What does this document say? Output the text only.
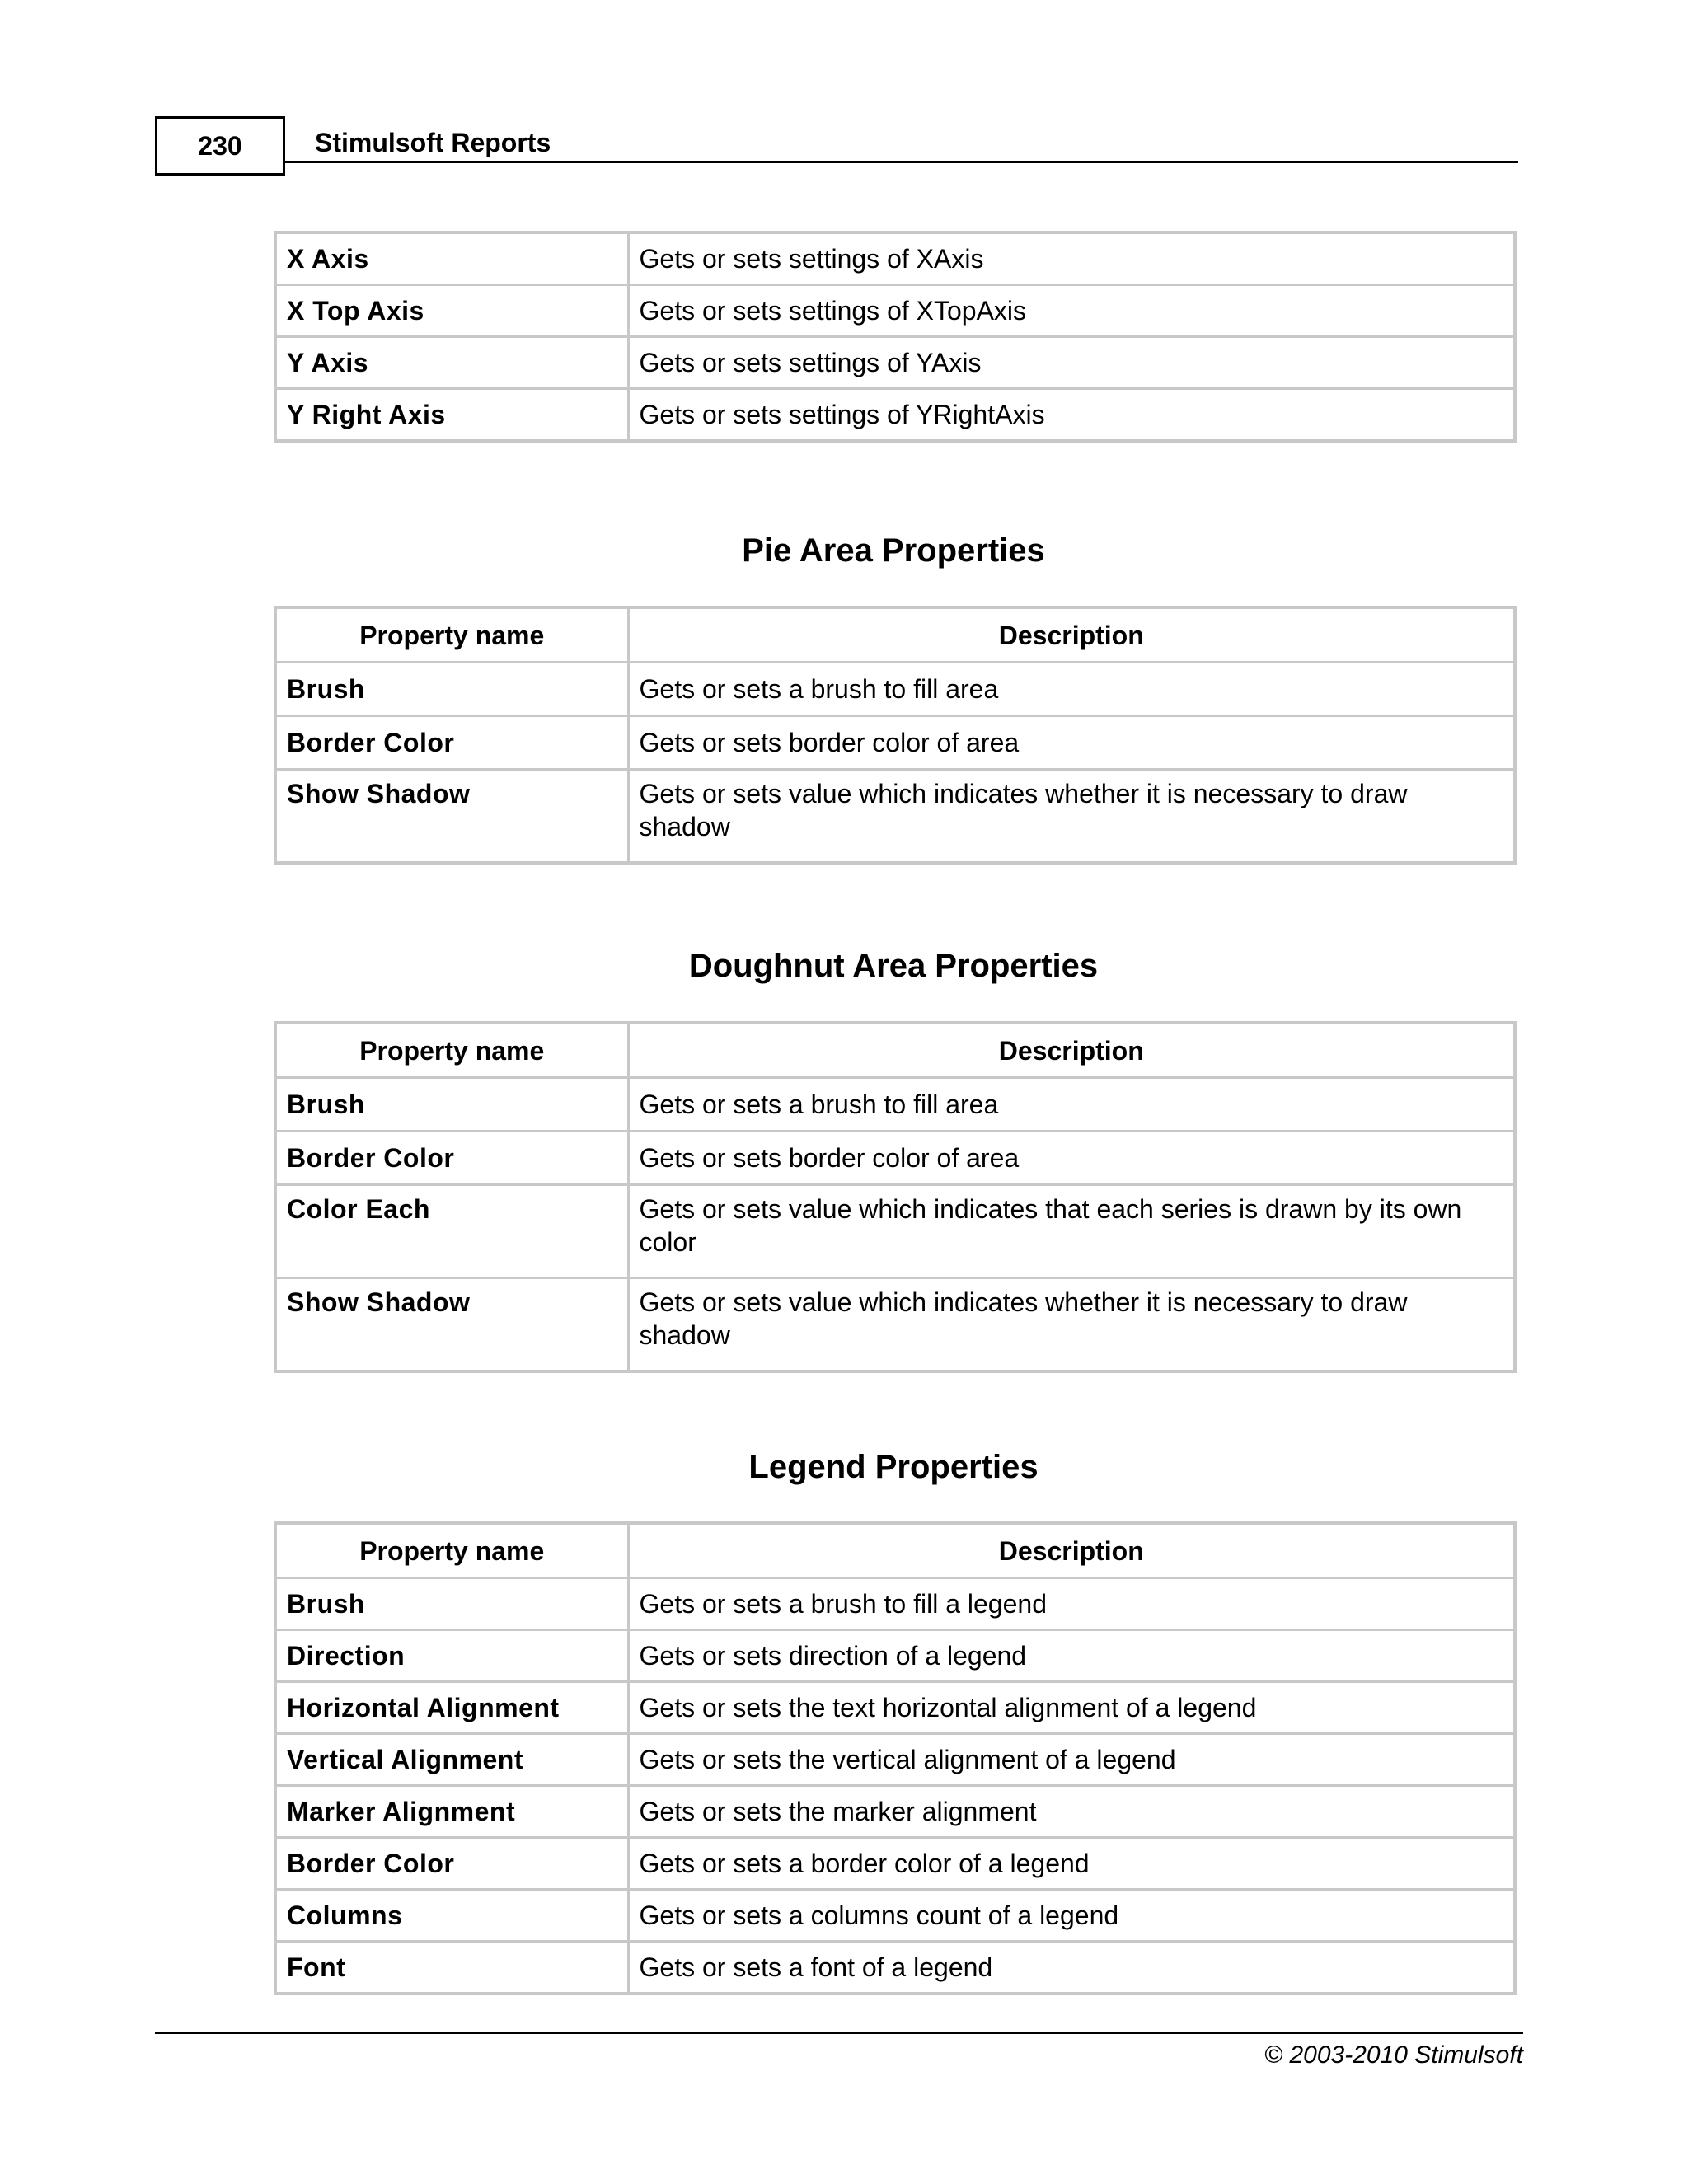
230	Stimulsoft Reports
X Axis	Gets or sets settings of XAxis
X Top Axis	Gets or sets settings of XTopAxis
Y Axis	Gets or sets settings of YAxis
Y Right Axis	Gets or sets settings of YRightAxis
Pie Area Properties
Property name	Description
Brush	Gets or sets a brush to fill area
Border Color	Gets or sets border color of area
Show Shadow	Gets or sets value which indicates whether it is necessary to draw shadow
Doughnut Area Properties
Property name	Description
Brush	Gets or sets a brush to fill area
Border Color	Gets or sets border color of area
Color Each	Gets or sets value which indicates that each series is drawn by its own color
Show Shadow	Gets or sets value which indicates whether it is necessary to draw shadow
Legend Properties
Property name	Description
Brush	Gets or sets a brush to fill a legend
Direction	Gets or sets direction of a legend
Horizontal Alignment	Gets or sets the text horizontal alignment of a legend
Vertical Alignment	Gets or sets the vertical alignment of a legend
Marker Alignment	Gets or sets the marker alignment
Border Color	Gets or sets a border color of a legend
Columns	Gets or sets a columns count of a legend
Font	Gets or sets a font of a legend
© 2003-2010 Stimulsoft
